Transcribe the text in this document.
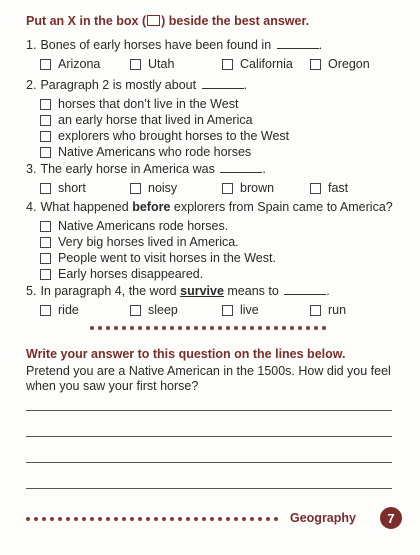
Put an X in the box ( ) beside the best answer.
1. Bones of early horses have been found in	.
Arizona	Utah	California	Oregon
2. Paragraph 2 is mostly about	.
horses that don’t live in the West
an early horse that lived in America
explorers who brought horses to the West
Native Americans who rode horses
3. The early horse in America was	.
short	noisy	brown	fast
4. What happened before explorers from Spain came to America?
Native Americans rode horses.
Very big horses lived in America.
People went to visit horses in the West.
Early horses disappeared.
5. In paragraph 4, the word survive means to	.
ride	sleep	live	run
Write your answer to this question on the lines below.
Pretend you are a Native American in the 1500s. How did you feel when you saw your first horse?
Geography	7
